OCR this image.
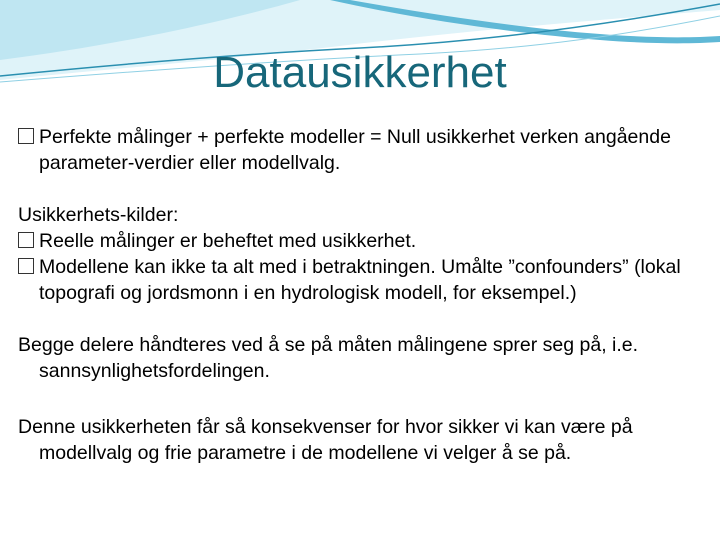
Datausikkerhet

Perfekte målinger + perfekte modeller = Null usikkerhet verken angående parameter-verdier eller modellvalg.

Usikkerhets-kilder:

Reelle målinger er beheftet med usikkerhet.

Modellene kan ikke ta alt med i betraktningen. Umålte ”confounders” (lokal topografi og jordsmonn i en hydrologisk modell, for eksempel.)

Begge delere håndteres ved å se på måten målingene sprer seg på, i.e. sannsynlighetsfordelingen.

Denne usikkerheten får så konsekvenser for hvor sikker vi kan være på modellvalg og frie parametre i de modellene vi velger å se på.
